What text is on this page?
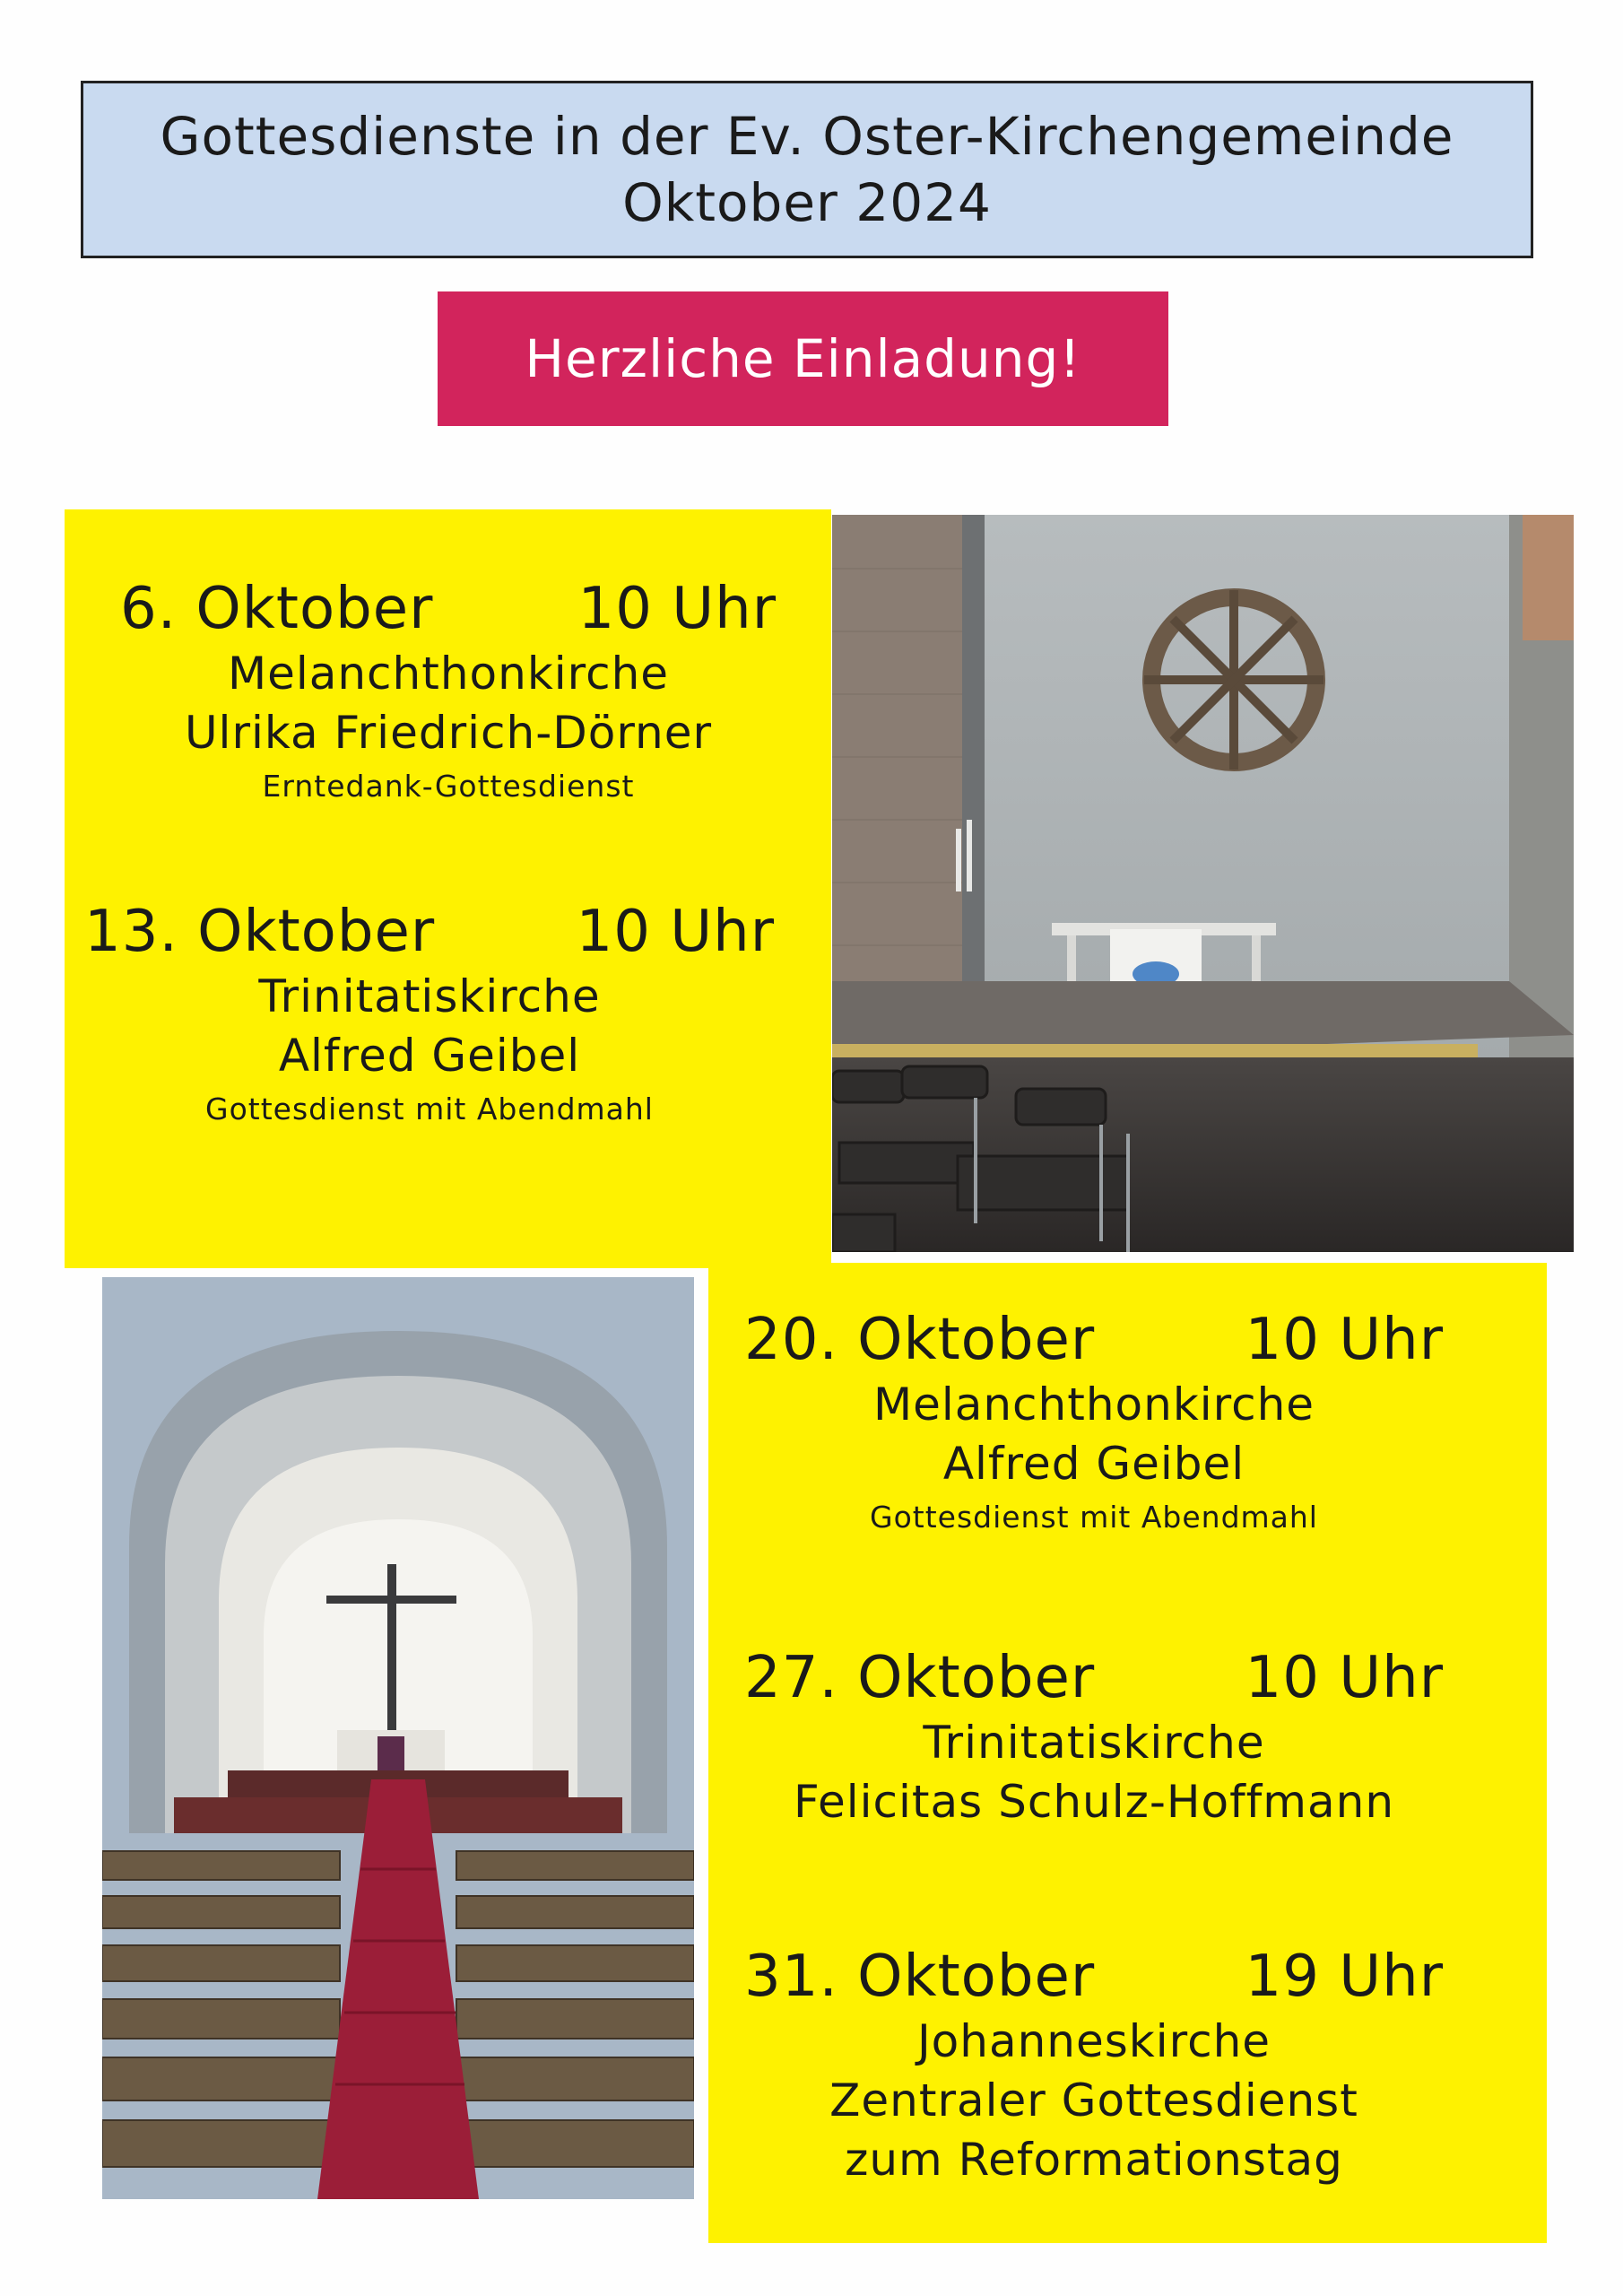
Gottesdienste in der Ev. Oster-Kirchengemeinde
Oktober 2024
Herzliche Einladung!
6. Oktober	10 Uhr
Melanchthonkirche
Ulrika Friedrich-Dörner
Erntedank-Gottesdienst
13. Oktober 10 Uhr
Trinitatiskirche
Alfred Geibel
Gottesdienst mit Abendmahl
20. Oktober	10 Uhr
Melanchthonkirche
Alfred Geibel
Gottesdienst mit Abendmahl
27. Oktober	10 Uhr
Trinitatiskirche
Felicitas Schulz-Hoffmann
31. Oktober	19 Uhr
Johanneskirche
Zentraler Gottesdienst
zum Reformationstag
